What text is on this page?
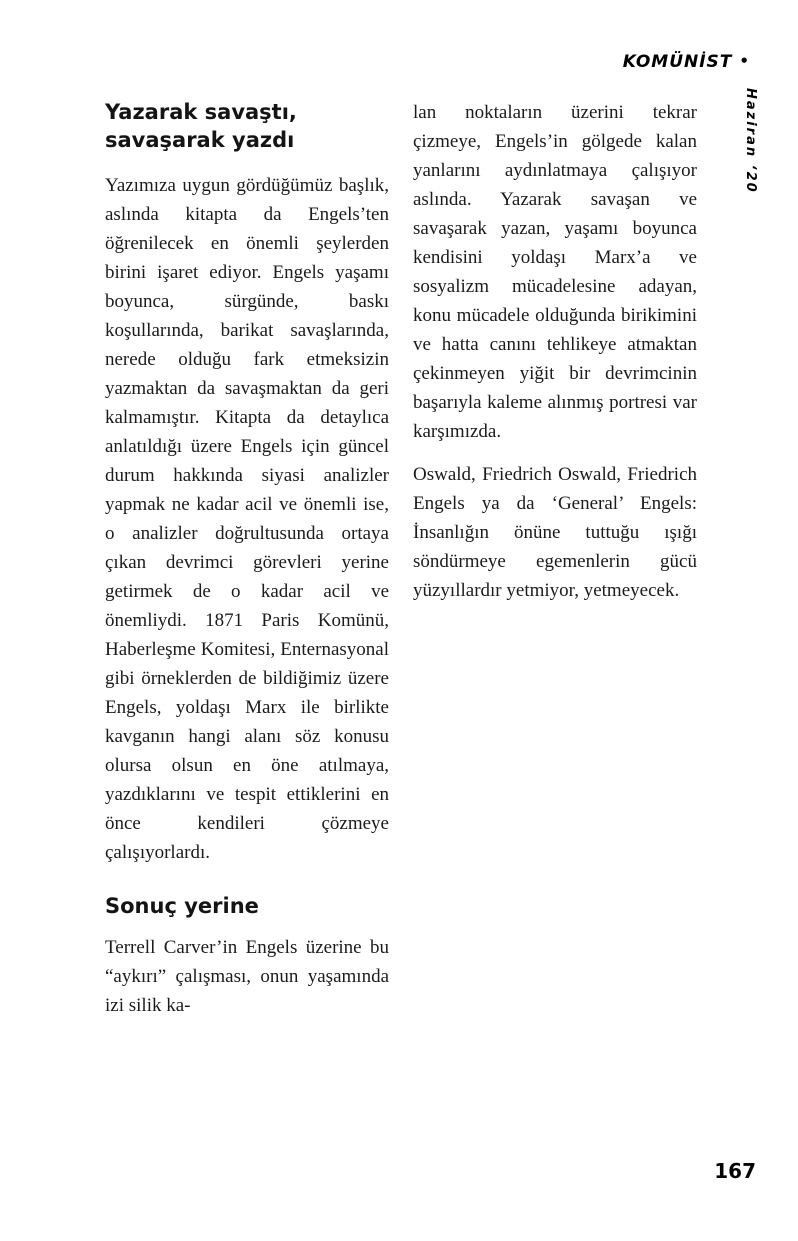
KOMÜNİST •
Haziran ‘20
Yazarak savaştı,
savaşarak yazdı

Yazımıza uygun gördüğümüz başlık, aslında kitapta da Engels’ten öğrenilecek en önemli şeylerden birini işaret ediyor. Engels yaşamı boyunca, sürgünde, baskı koşullarında, barikat savaşlarında, nerede olduğu fark etmeksizin yazmaktan da savaşmaktan da geri kalmamıştır. Kitapta da detaylıca anlatıldığı üzere Engels için güncel durum hakkında siyasi analizler yapmak ne kadar acil ve önemli ise, o analizler doğrultusunda ortaya çıkan devrimci görevleri yerine getirmek de o kadar acil ve önemliydi. 1871 Paris Komünü, Haberleşme Komitesi, Enternasyonal gibi örneklerden de bildiğimiz üzere Engels, yoldaşı Marx ile birlikte kavganın hangi alanı söz konusu olursa olsun en öne atılmaya, yazdıklarını ve tespit ettiklerini en önce kendileri çözmeye çalışıyorlardı.

Sonuç yerine

Terrell Carver’in Engels üzerine bu “aykırı” çalışması, onun yaşamında izi silik ka-

lan noktaların üzerini tekrar çizmeye, Engels’in gölgede kalan yanlarını aydınlatmaya çalışıyor aslında. Yazarak savaşan ve savaşarak yazan, yaşamı boyunca kendisini yoldaşı Marx’a ve sosyalizm mücadelesine adayan, konu mücadele olduğunda birikimini ve hatta canını tehlikeye atmaktan çekinmeyen yiğit bir devrimcinin başarıyla kaleme alınmış portresi var karşımızda.

Oswald, Friedrich Oswald, Friedrich Engels ya da ‘General’ Engels: İnsanlığın önüne tuttuğu ışığı söndürmeye egemenlerin gücü yüzyıllardır yetmiyor, yetmeyecek.

167
